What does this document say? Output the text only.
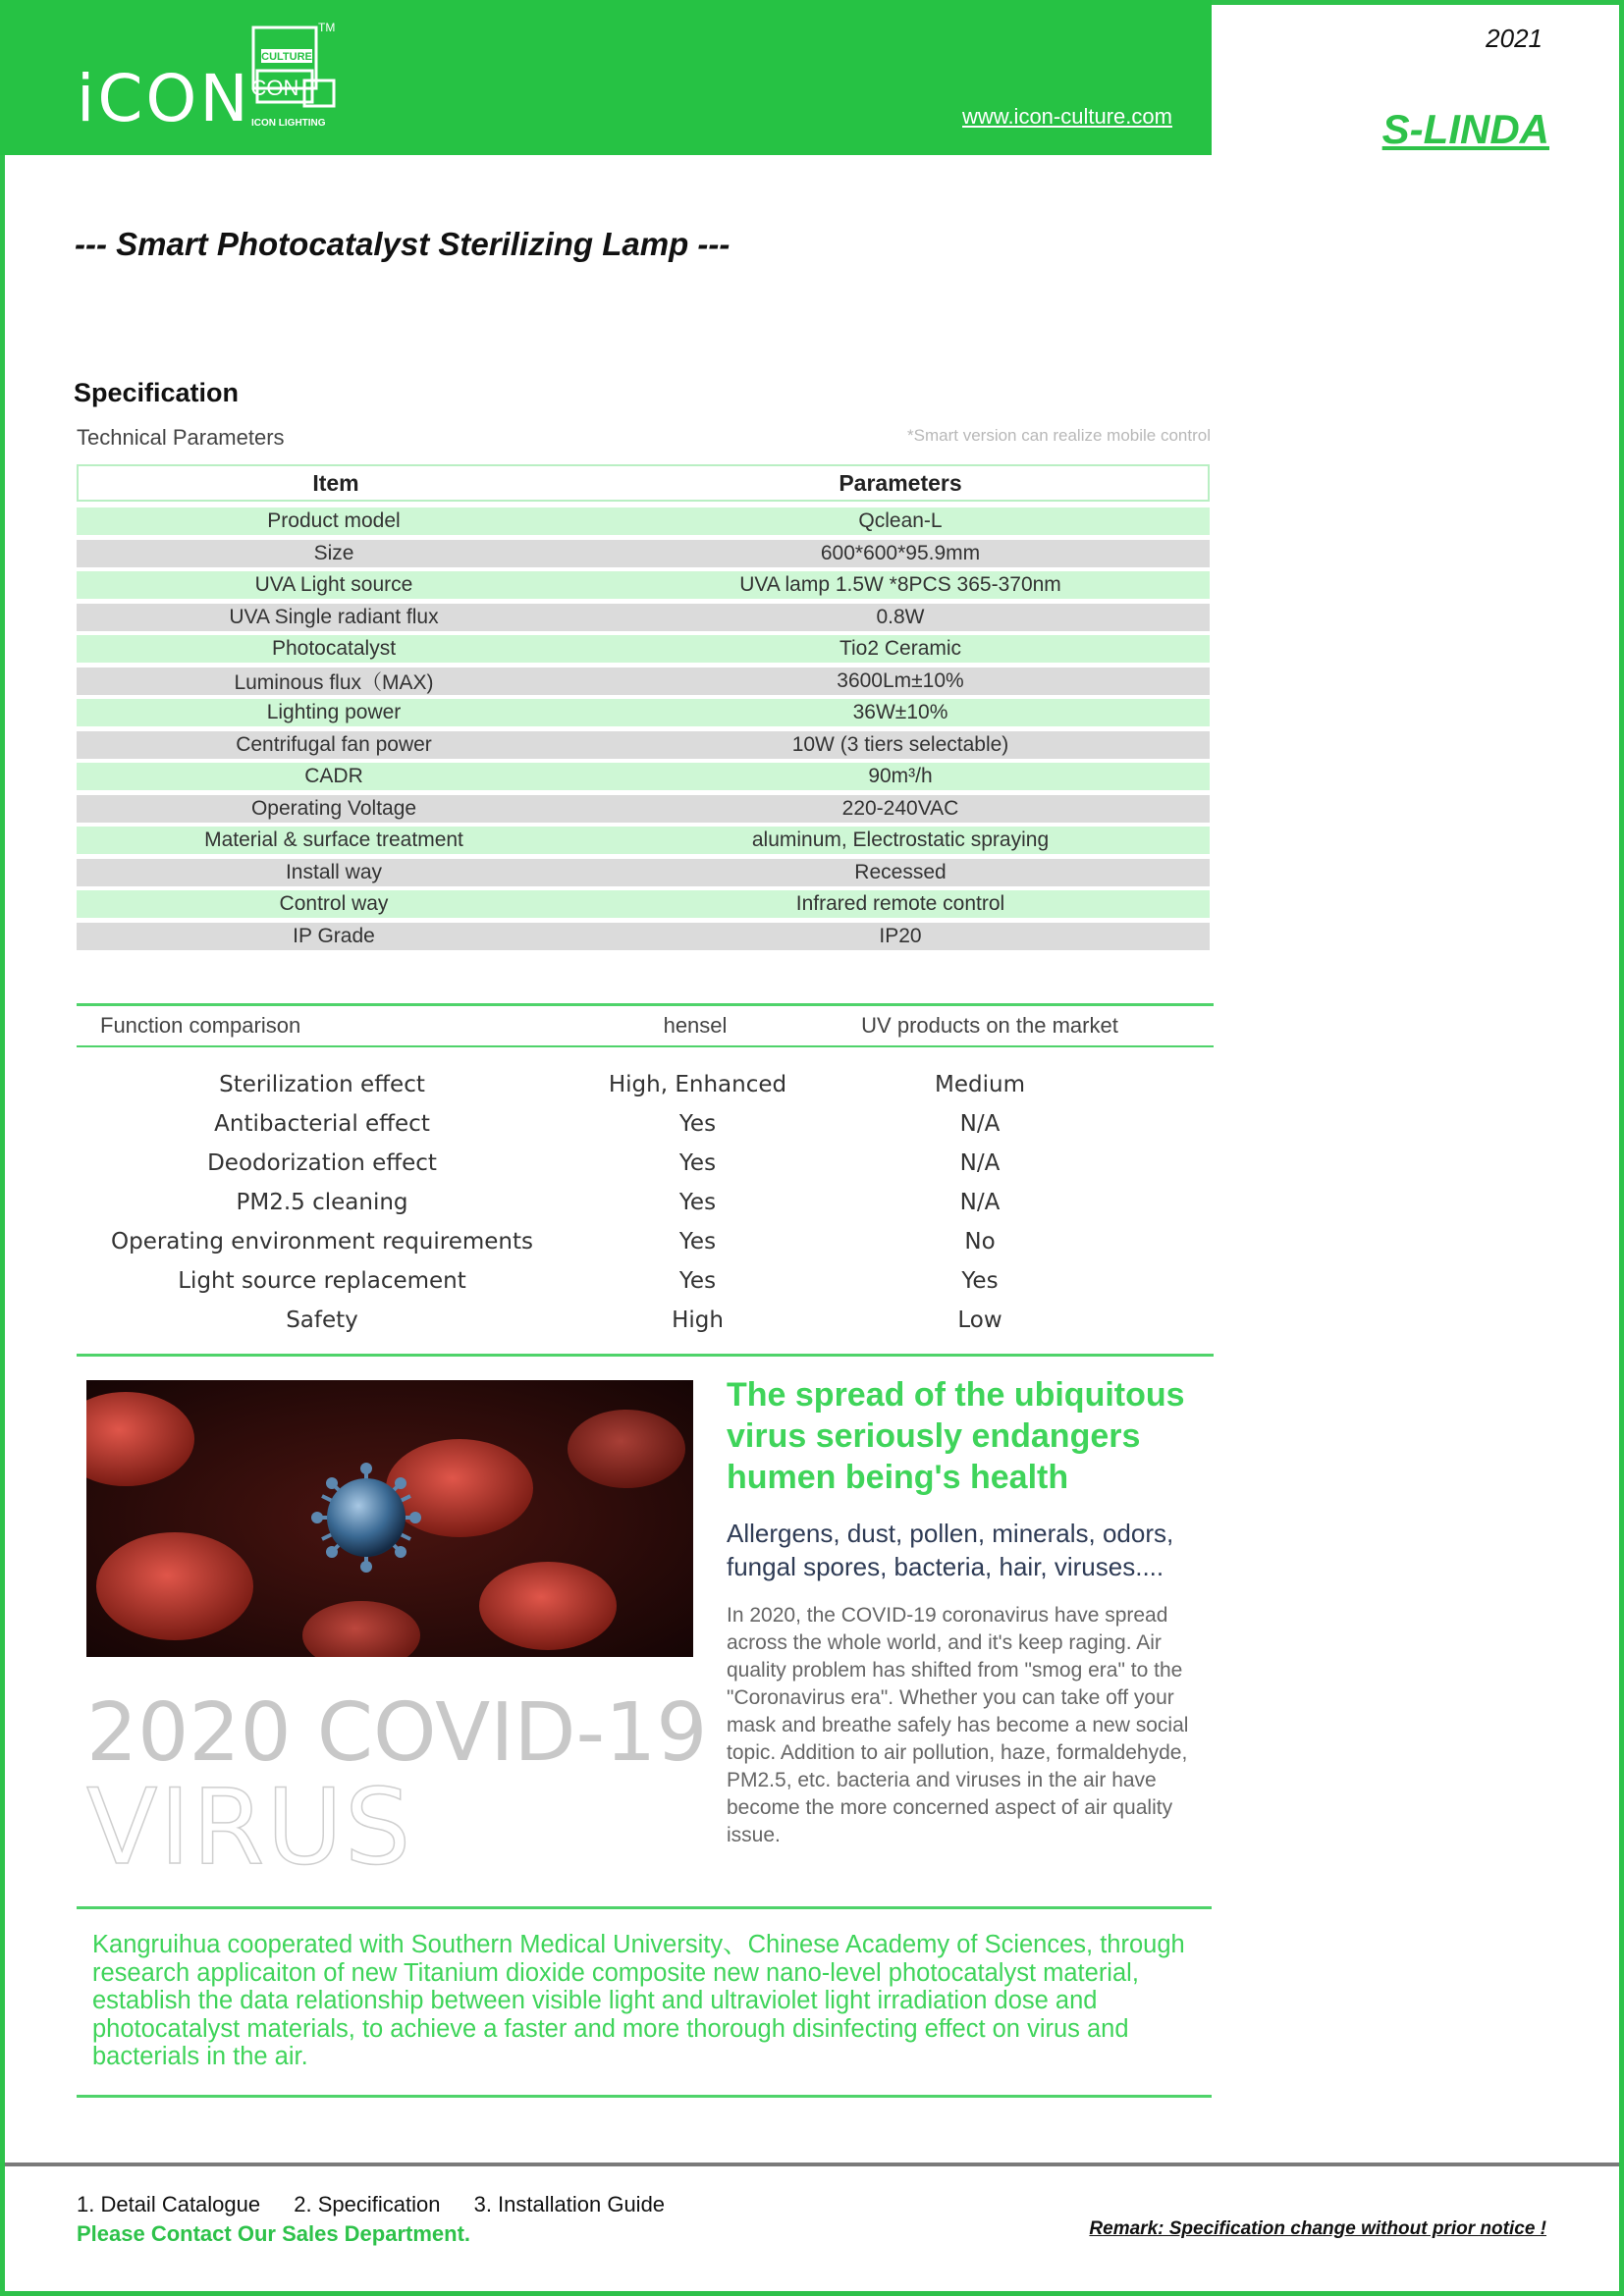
iCON
CULTURE
CON
TM
ICON LIGHTING	www.icon-culture.com
2021
S-LINDA
--- Smart Photocatalyst Sterilizing Lamp ---
Specification
Technical Parameters	*Smart version can realize mobile control
Item	Parameters
Product model	Qclean-L
Size	600*600*95.9mm
UVA Light source	UVA lamp 1.5W *8PCS 365-370nm
UVA Single radiant flux	0.8W
Photocatalyst	Tio2 Ceramic
Luminous flux（MAX)	3600Lm±10%
Lighting power	36W±10%
Centrifugal fan power	10W (3 tiers selectable)
CADR	90m³/h
Operating Voltage	220-240VAC
Material & surface treatment	aluminum, Electrostatic spraying
Install way	Recessed
Control way	Infrared remote control
IP Grade	IP20
Function comparison	hensel	UV products on the market
Sterilization effect	High, Enhanced	Medium
Antibacterial effect	Yes	N/A
Deodorization effect	Yes	N/A
PM2.5 cleaning	Yes	N/A
Operating environment requirements	Yes	No
Light source replacement	Yes	Yes
Safety	High	Low
2020 COVID-19
VIRUS
The spread of the ubiquitous virus seriously endangers humen being's health
Allergens, dust, pollen, minerals, odors, fungal spores, bacteria, hair, viruses....
In 2020, the COVID-19 coronavirus have spread across the whole world, and it's keep raging. Air quality problem has shifted from "smog era" to the "Coronavirus era". Whether you can take off your mask and breathe safely has become a new social topic. Addition to air pollution, haze, formaldehyde, PM2.5, etc. bacteria and viruses in the air have become the more concerned aspect of air quality issue.
Kangruihua cooperated with Southern Medical University、Chinese Academy of Sciences, through research applicaiton of new Titanium dioxide composite new nano-level photocatalyst material, establish the data relationship between visible light and ultraviolet light irradiation dose and photocatalyst materials, to achieve a faster and more thorough disinfecting effect on virus and bacterials in the air.
1. Detail Catalogue 2. Specification 3. Installation Guide
Please Contact Our Sales Department.	Remark: Specification change without prior notice !
